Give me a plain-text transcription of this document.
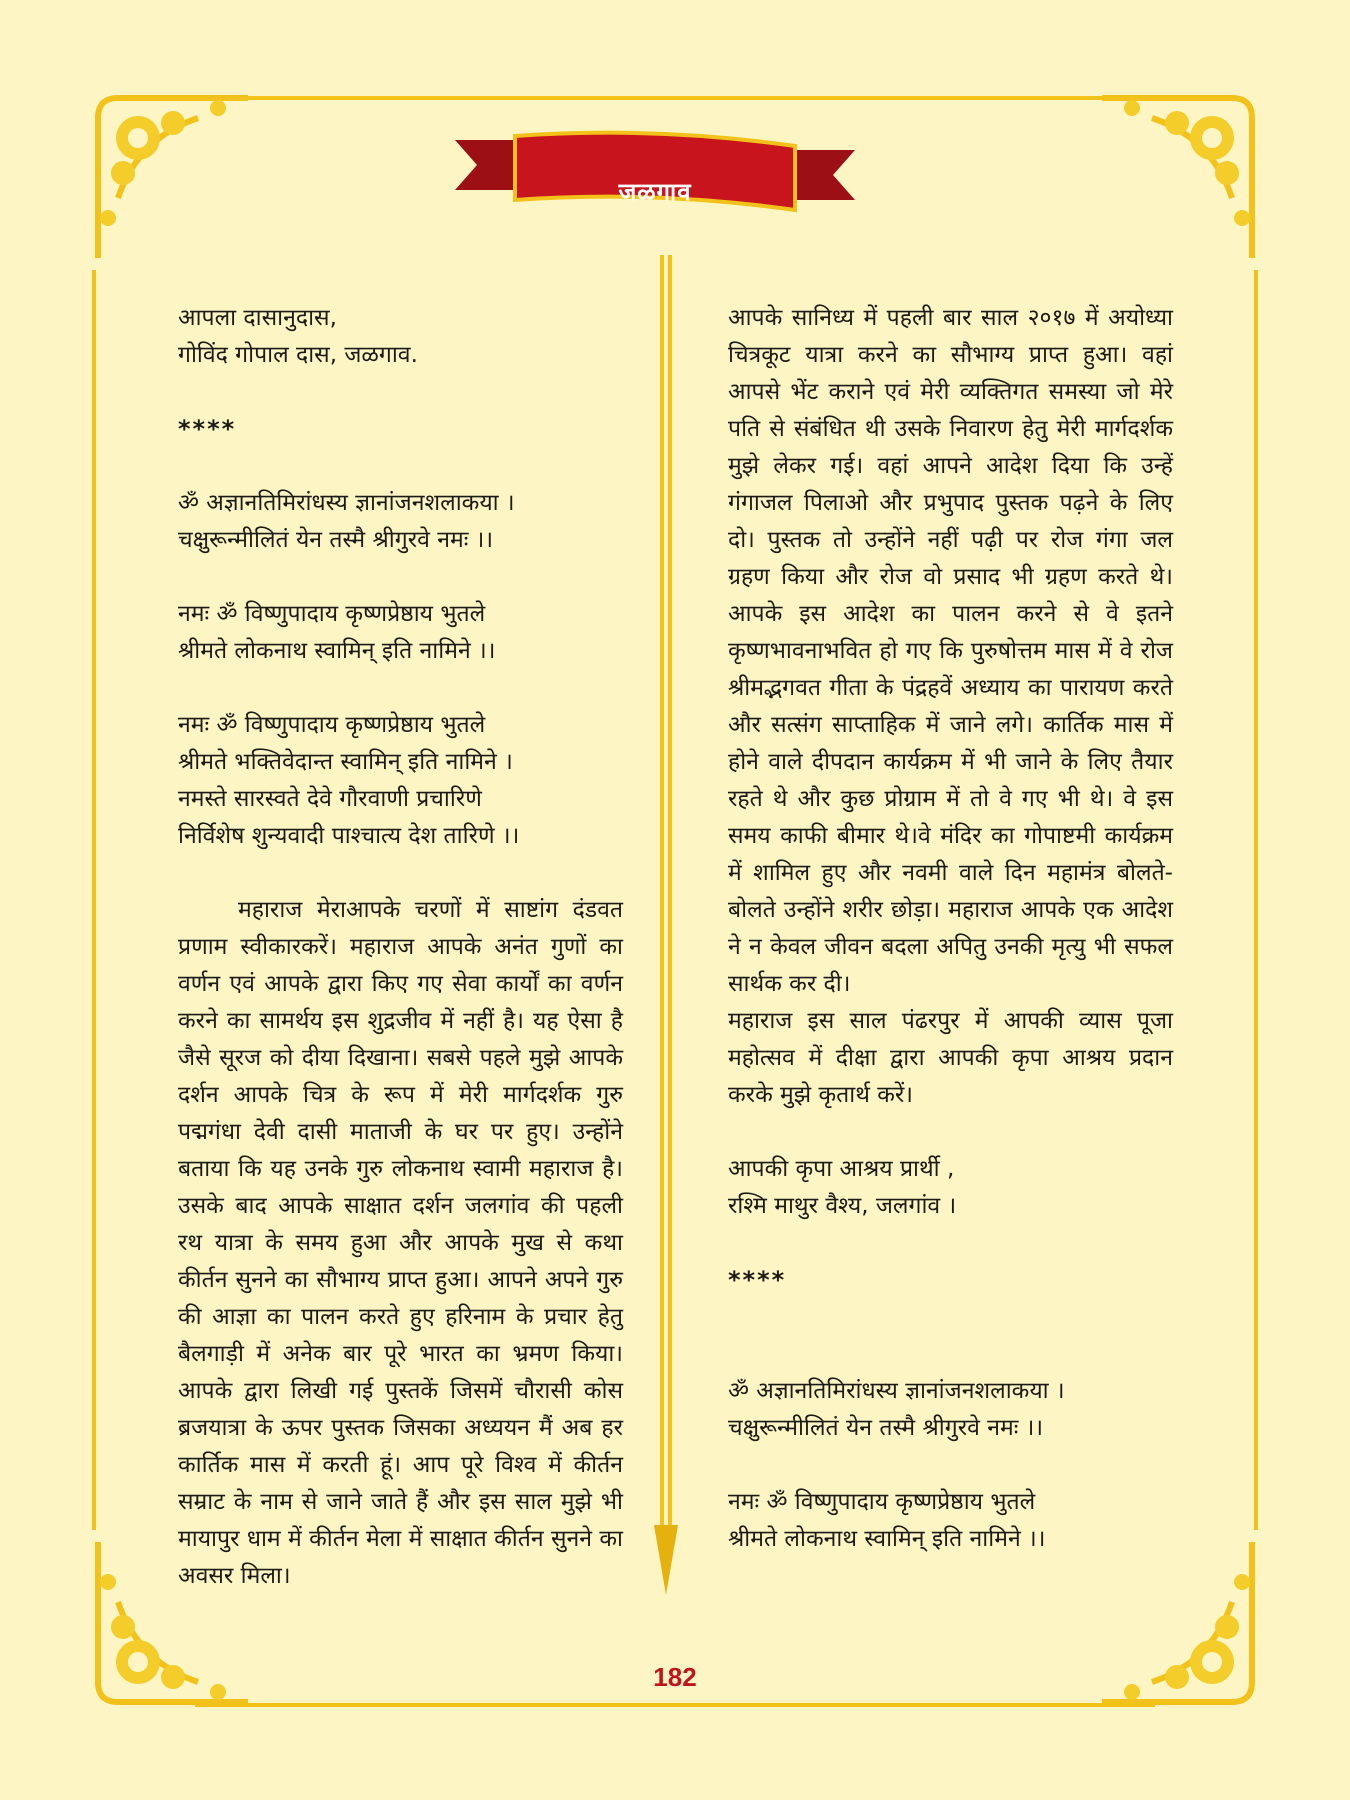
जळगाव

आपला दासानुदास,

गोविंद गोपाल दास, जळगाव.

****

ॐ अज्ञानतिमिरांधस्य ज्ञानांजनशलाकया ।

चक्षुरून्मीलितं येन तस्मै श्रीगुरवे नमः ।।

नमः ॐ विष्णुपादाय कृष्णप्रेष्ठाय भुतले

श्रीमते लोकनाथ स्वामिन् इति नामिने ।।

नमः ॐ विष्णुपादाय कृष्णप्रेष्ठाय भुतले

श्रीमते भक्तिवेदान्त स्वामिन् इति नामिने ।

नमस्ते सारस्वते देवे गौरवाणी प्रचारिणे

निर्विशेष शुन्यवादी पाश्चात्य देश तारिणे ।।

महाराज मेराआपके चरणों में साष्टांग दंडवत प्रणाम स्वीकारकरें। महाराज आपके अनंत गुणों का वर्णन एवं आपके द्वारा किए गए सेवा कार्यों का वर्णन करने का सामर्थय इस शुद्रजीव में नहीं है। यह ऐसा है जैसे सूरज को दीया दिखाना। सबसे पहले मुझे आपके दर्शन आपके चित्र के रूप में मेरी मार्गदर्शक गुरु पद्मगंधा देवी दासी माताजी के घर पर हुए। उन्होंने बताया कि यह उनके गुरु लोकनाथ स्वामी महाराज है। उसके बाद आपके साक्षात दर्शन जलगांव की पहली रथ यात्रा के समय हुआ और आपके मुख से कथा कीर्तन सुनने का सौभाग्य प्राप्त हुआ। आपने अपने गुरु की आज्ञा का पालन करते हुए हरिनाम के प्रचार हेतु बैलगाड़ी में अनेक बार पूरे भारत का भ्रमण किया। आपके द्वारा लिखी गई पुस्तकें जिसमें चौरासी कोस ब्रजयात्रा के ऊपर पुस्तक जिसका अध्ययन मैं अब हर कार्तिक मास में करती हूं। आप पूरे विश्व में कीर्तन सम्राट के नाम से जाने जाते हैं और इस साल मुझे भी मायापुर धाम में कीर्तन मेला में साक्षात कीर्तन सुनने का अवसर मिला।

आपके सानिध्य में पहली बार साल २०१७ में अयोध्या चित्रकूट यात्रा करने का सौभाग्य प्राप्त हुआ। वहां आपसे भेंट कराने एवं मेरी व्यक्तिगत समस्या जो मेरे पति से संबंधित थी उसके निवारण हेतु मेरी मार्गदर्शक मुझे लेकर गई। वहां आपने आदेश दिया कि उन्हें गंगाजल पिलाओ और प्रभुपाद पुस्तक पढ़ने के लिए दो। पुस्तक तो उन्होंने नहीं पढ़ी पर रोज गंगा जल ग्रहण किया और रोज वो प्रसाद भी ग्रहण करते थे। आपके इस आदेश का पालन करने से वे इतने कृष्णभावनाभवित हो गए कि पुरुषोत्तम मास में वे रोज श्रीमद्भगवत गीता के पंद्रहवें अध्याय का पारायण करते और सत्संग साप्ताहिक में जाने लगे। कार्तिक मास में होने वाले दीपदान कार्यक्रम में भी जाने के लिए तैयार रहते थे और कुछ प्रोग्राम में तो वे गए भी थे। वे इस समय काफी बीमार थे।वे मंदिर का गोपाष्टमी कार्यक्रम में शामिल हुए और नवमी वाले दिन महामंत्र बोलते-बोलते उन्होंने शरीर छोड़ा। महाराज आपके एक आदेश ने न केवल जीवन बदला अपितु उनकी मृत्यु भी सफल सार्थक कर दी।

महाराज इस साल पंढरपुर में आपकी व्यास पूजा महोत्सव में दीक्षा द्वारा आपकी कृपा आश्रय प्रदान करके मुझे कृतार्थ करें।

आपकी कृपा आश्रय प्रार्थी ,

रश्मि माथुर वैश्य, जलगांव ।

****

ॐ अज्ञानतिमिरांधस्य ज्ञानांजनशलाकया ।

चक्षुरून्मीलितं येन तस्मै श्रीगुरवे नमः ।।

नमः ॐ विष्णुपादाय कृष्णप्रेष्ठाय भुतले

श्रीमते लोकनाथ स्वामिन् इति नामिने ।।

182
